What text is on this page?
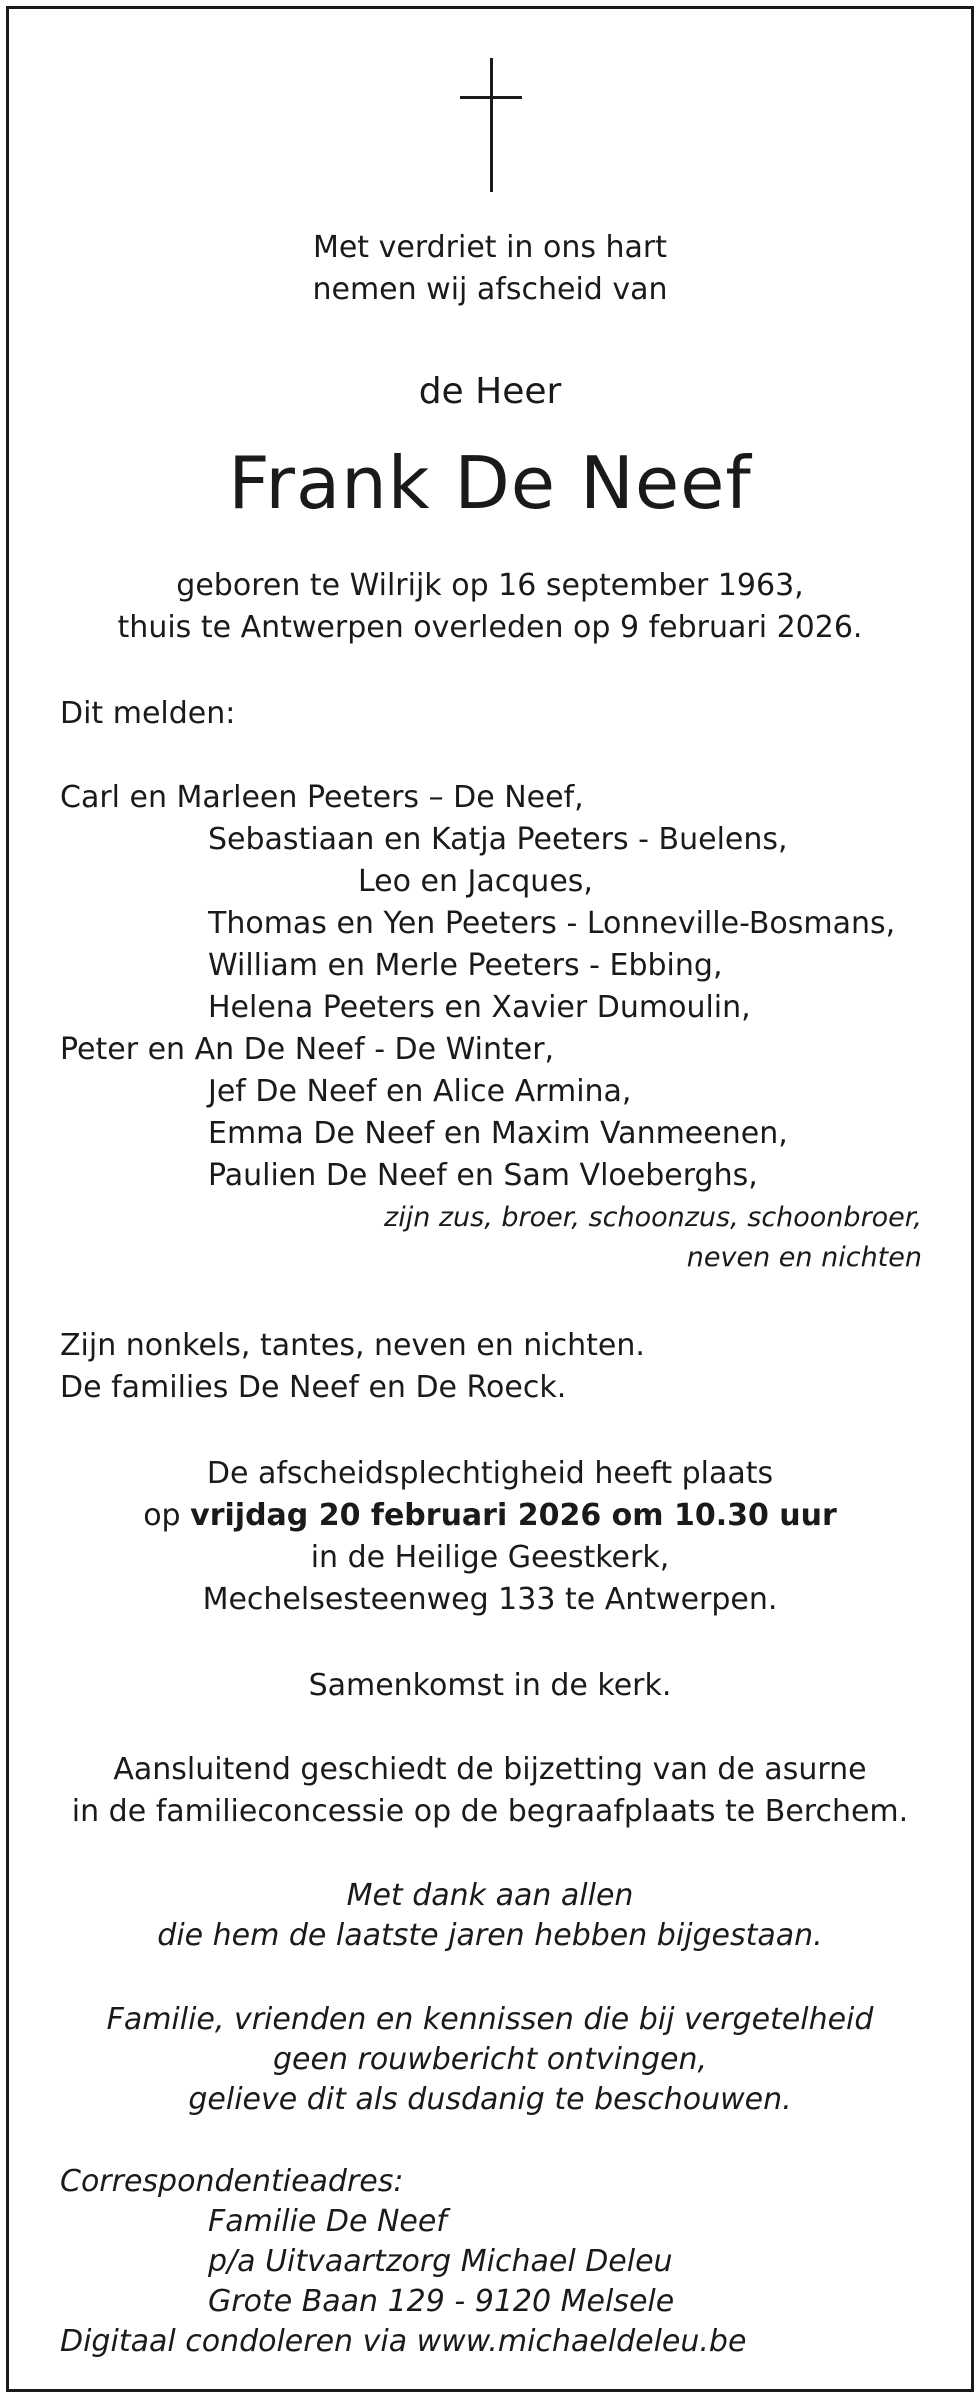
Met verdriet in ons hart

nemen wij afscheid van

de Heer

Frank De Neef

geboren te Wilrijk op 16 september 1963,

thuis te Antwerpen overleden op 9 februari 2026.

Dit melden:

Carl en Marleen Peeters – De Neef,

Sebastiaan en Katja Peeters - Buelens,

Leo en Jacques,

Thomas en Yen Peeters - Lonneville-Bosmans,

William en Merle Peeters - Ebbing,

Helena Peeters en Xavier Dumoulin,

Peter en An De Neef - De Winter,

Jef De Neef en Alice Armina,

Emma De Neef en Maxim Vanmeenen,

Paulien De Neef en Sam Vloeberghs,

zijn zus, broer, schoonzus, schoonbroer,

neven en nichten

Zijn nonkels, tantes, neven en nichten.

De families De Neef en De Roeck.

De afscheidsplechtigheid heeft plaats

op vrijdag 20 februari 2026 om 10.30 uur

in de Heilige Geestkerk,

Mechelsesteenweg 133 te Antwerpen.

Samenkomst in de kerk.

Aansluitend geschiedt de bijzetting van de asurne

in de familieconcessie op de begraafplaats te Berchem.

Met dank aan allen

die hem de laatste jaren hebben bijgestaan.

Familie, vrienden en kennissen die bij vergetelheid

geen rouwbericht ontvingen,

gelieve dit als dusdanig te beschouwen.

Correspondentieadres:

Familie De Neef

p/a Uitvaartzorg Michael Deleu

Grote Baan 129 - 9120 Melsele

Digitaal condoleren via www.michaeldeleu.be
